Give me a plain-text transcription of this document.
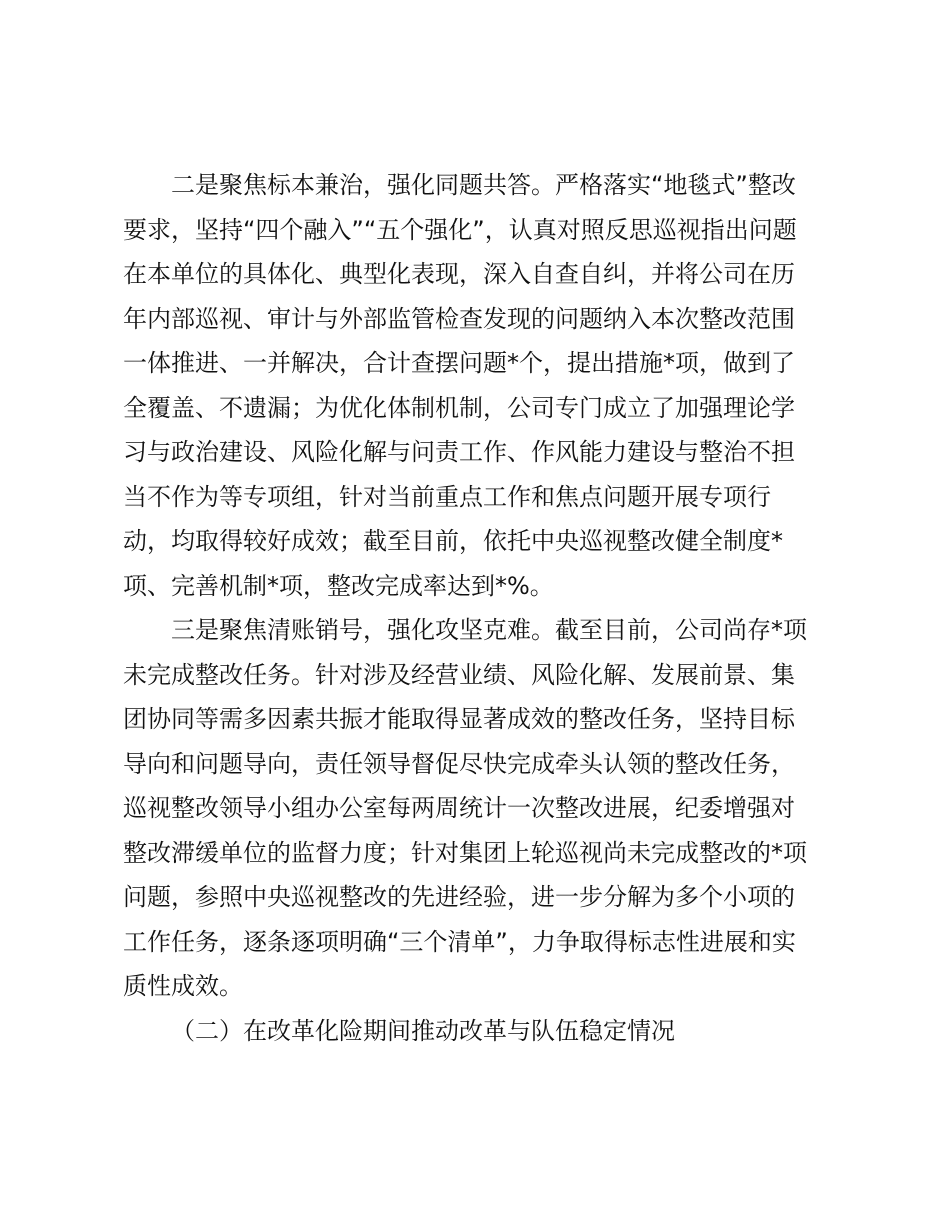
二是聚焦标本兼治，强化同题共答。严格落实“地毯式”整改
要求，坚持“四个融入”“五个强化”，认真对照反思巡视指出问题
在本单位的具体化、典型化表现，深入自查自纠，并将公司在历
年内部巡视、审计与外部监管检查发现的问题纳入本次整改范围
一体推进、一并解决，合计查摆问题*个，提出措施*项，做到了
全覆盖、不遗漏；为优化体制机制，公司专门成立了加强理论学
习与政治建设、风险化解与问责工作、作风能力建设与整治不担
当不作为等专项组，针对当前重点工作和焦点问题开展专项行
动，均取得较好成效；截至目前，依托中央巡视整改健全制度*
项、完善机制*项，整改完成率达到*%。
三是聚焦清账销号，强化攻坚克难。截至目前，公司尚存*项
未完成整改任务。针对涉及经营业绩、风险化解、发展前景、集
团协同等需多因素共振才能取得显著成效的整改任务，坚持目标
导向和问题导向，责任领导督促尽快完成牵头认领的整改任务，
巡视整改领导小组办公室每两周统计一次整改进展，纪委增强对
整改滞缓单位的监督力度；针对集团上轮巡视尚未完成整改的*项
问题，参照中央巡视整改的先进经验，进一步分解为多个小项的
工作任务，逐条逐项明确“三个清单”，力争取得标志性进展和实
质性成效。
（二）在改革化险期间推动改革与队伍稳定情况
